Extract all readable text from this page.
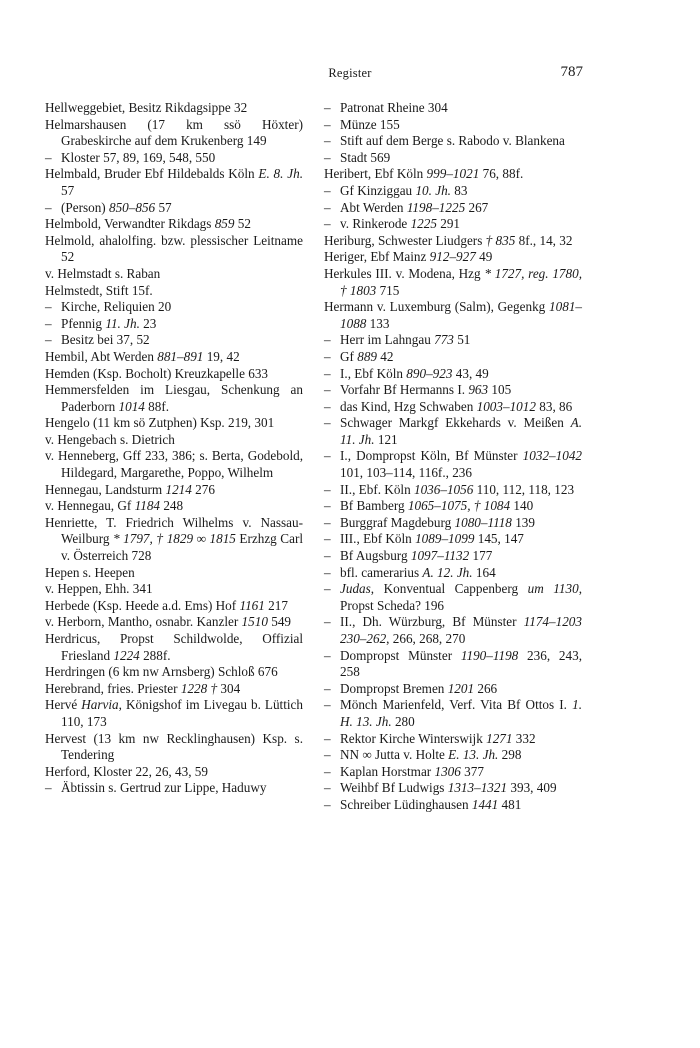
Register	787
Hellweggebiet, Besitz Rikdagsippe 32
Helmarshausen (17 km ssö Höxter) Grabeskirche auf dem Krukenberg 149
– Kloster 57, 89, 169, 548, 550
Helmbald, Bruder Ebf Hildebalds Köln E. 8. Jh. 57
– (Person) 850–856 57
Helmbold, Verwandter Rikdags 859 52
Helmold, ahalolfing. bzw. plessischer Leitname 52
v. Helmstadt s. Raban
Helmstedt, Stift 15f.
– Kirche, Reliquien 20
– Pfennig 11. Jh. 23
– Besitz bei 37, 52
Hembil, Abt Werden 881–891 19, 42
Hemden (Ksp. Bocholt) Kreuzkapelle 633
Hemmersfelden im Liesgau, Schenkung an Paderborn 1014 88f.
Hengelo (11 km sö Zutphen) Ksp. 219, 301
v. Hengebach s. Dietrich
v. Henneberg, Gff 233, 386; s. Berta, Godebold, Hildegard, Margarethe, Poppo, Wilhelm
Hennegau, Landsturm 1214 276
v. Hennegau, Gf 1184 248
Henriette, T. Friedrich Wilhelms v. Nassau-Weilburg * 1797, † 1829 ∞ 1815 Erzhzg Carl v. Österreich 728
Hepen s. Heepen
v. Heppen, Ehh. 341
Herbede (Ksp. Heede a.d. Ems) Hof 1161 217
v. Herborn, Mantho, osnabr. Kanzler 1510 549
Herdricus, Propst Schildwolde, Offizial Friesland 1224 288f.
Herdringen (6 km nw Arnsberg) Schloß 676
Herebrand, fries. Priester 1228 † 304
Hervé Harvia, Königshof im Livegau b. Lüttich 110, 173
Hervest (13 km nw Recklinghausen) Ksp. s. Tendering
Herford, Kloster 22, 26, 43, 59
– Äbtissin s. Gertrud zur Lippe, Haduwy
– Patronat Rheine 304
– Münze 155
– Stift auf dem Berge s. Rabodo v. Blankena
– Stadt 569
Heribert, Ebf Köln 999–1021 76, 88f.
– Gf Kinziggau 10. Jh. 83
– Abt Werden 1198–1225 267
– v. Rinkerode 1225 291
Heriburg, Schwester Liudgers † 835 8f., 14, 32
Heriger, Ebf Mainz 912–927 49
Herkules III. v. Modena, Hzg * 1727, reg. 1780, † 1803 715
Hermann v. Luxemburg (Salm), Gegenkg 1081–1088 133
– Herr im Lahngau 773 51
– Gf 889 42
– I., Ebf Köln 890–923 43, 49
– Vorfahr Bf Hermanns I. 963 105
– das Kind, Hzg Schwaben 1003–1012 83, 86
– Schwager Markgf Ekkehards v. Meißen A. 11. Jh. 121
– I., Dompropst Köln, Bf Münster 1032–1042 101, 103–114, 116f., 236
– II., Ebf. Köln 1036–1056 110, 112, 118, 123
– Bf Bamberg 1065–1075, † 1084 140
– Burggraf Magdeburg 1080–1118 139
– III., Ebf Köln 1089–1099 145, 147
– Bf Augsburg 1097–1132 177
– bfl. camerarius A. 12. Jh. 164
– Judas, Konventual Cappenberg um 1130, Propst Scheda? 196
– II., Dh. Würzburg, Bf Münster 1174–1203 230–262, 266, 268, 270
– Dompropst Münster 1190–1198 236, 243, 258
– Dompropst Bremen 1201 266
– Mönch Marienfeld, Verf. Vita Bf Ottos I. 1. H. 13. Jh. 280
– Rektor Kirche Winterswijk 1271 332
– NN ∞ Jutta v. Holte E. 13. Jh. 298
– Kaplan Horstmar 1306 377
– Weihbf Bf Ludwigs 1313–1321 393, 409
– Schreiber Lüdinghausen 1441 481
